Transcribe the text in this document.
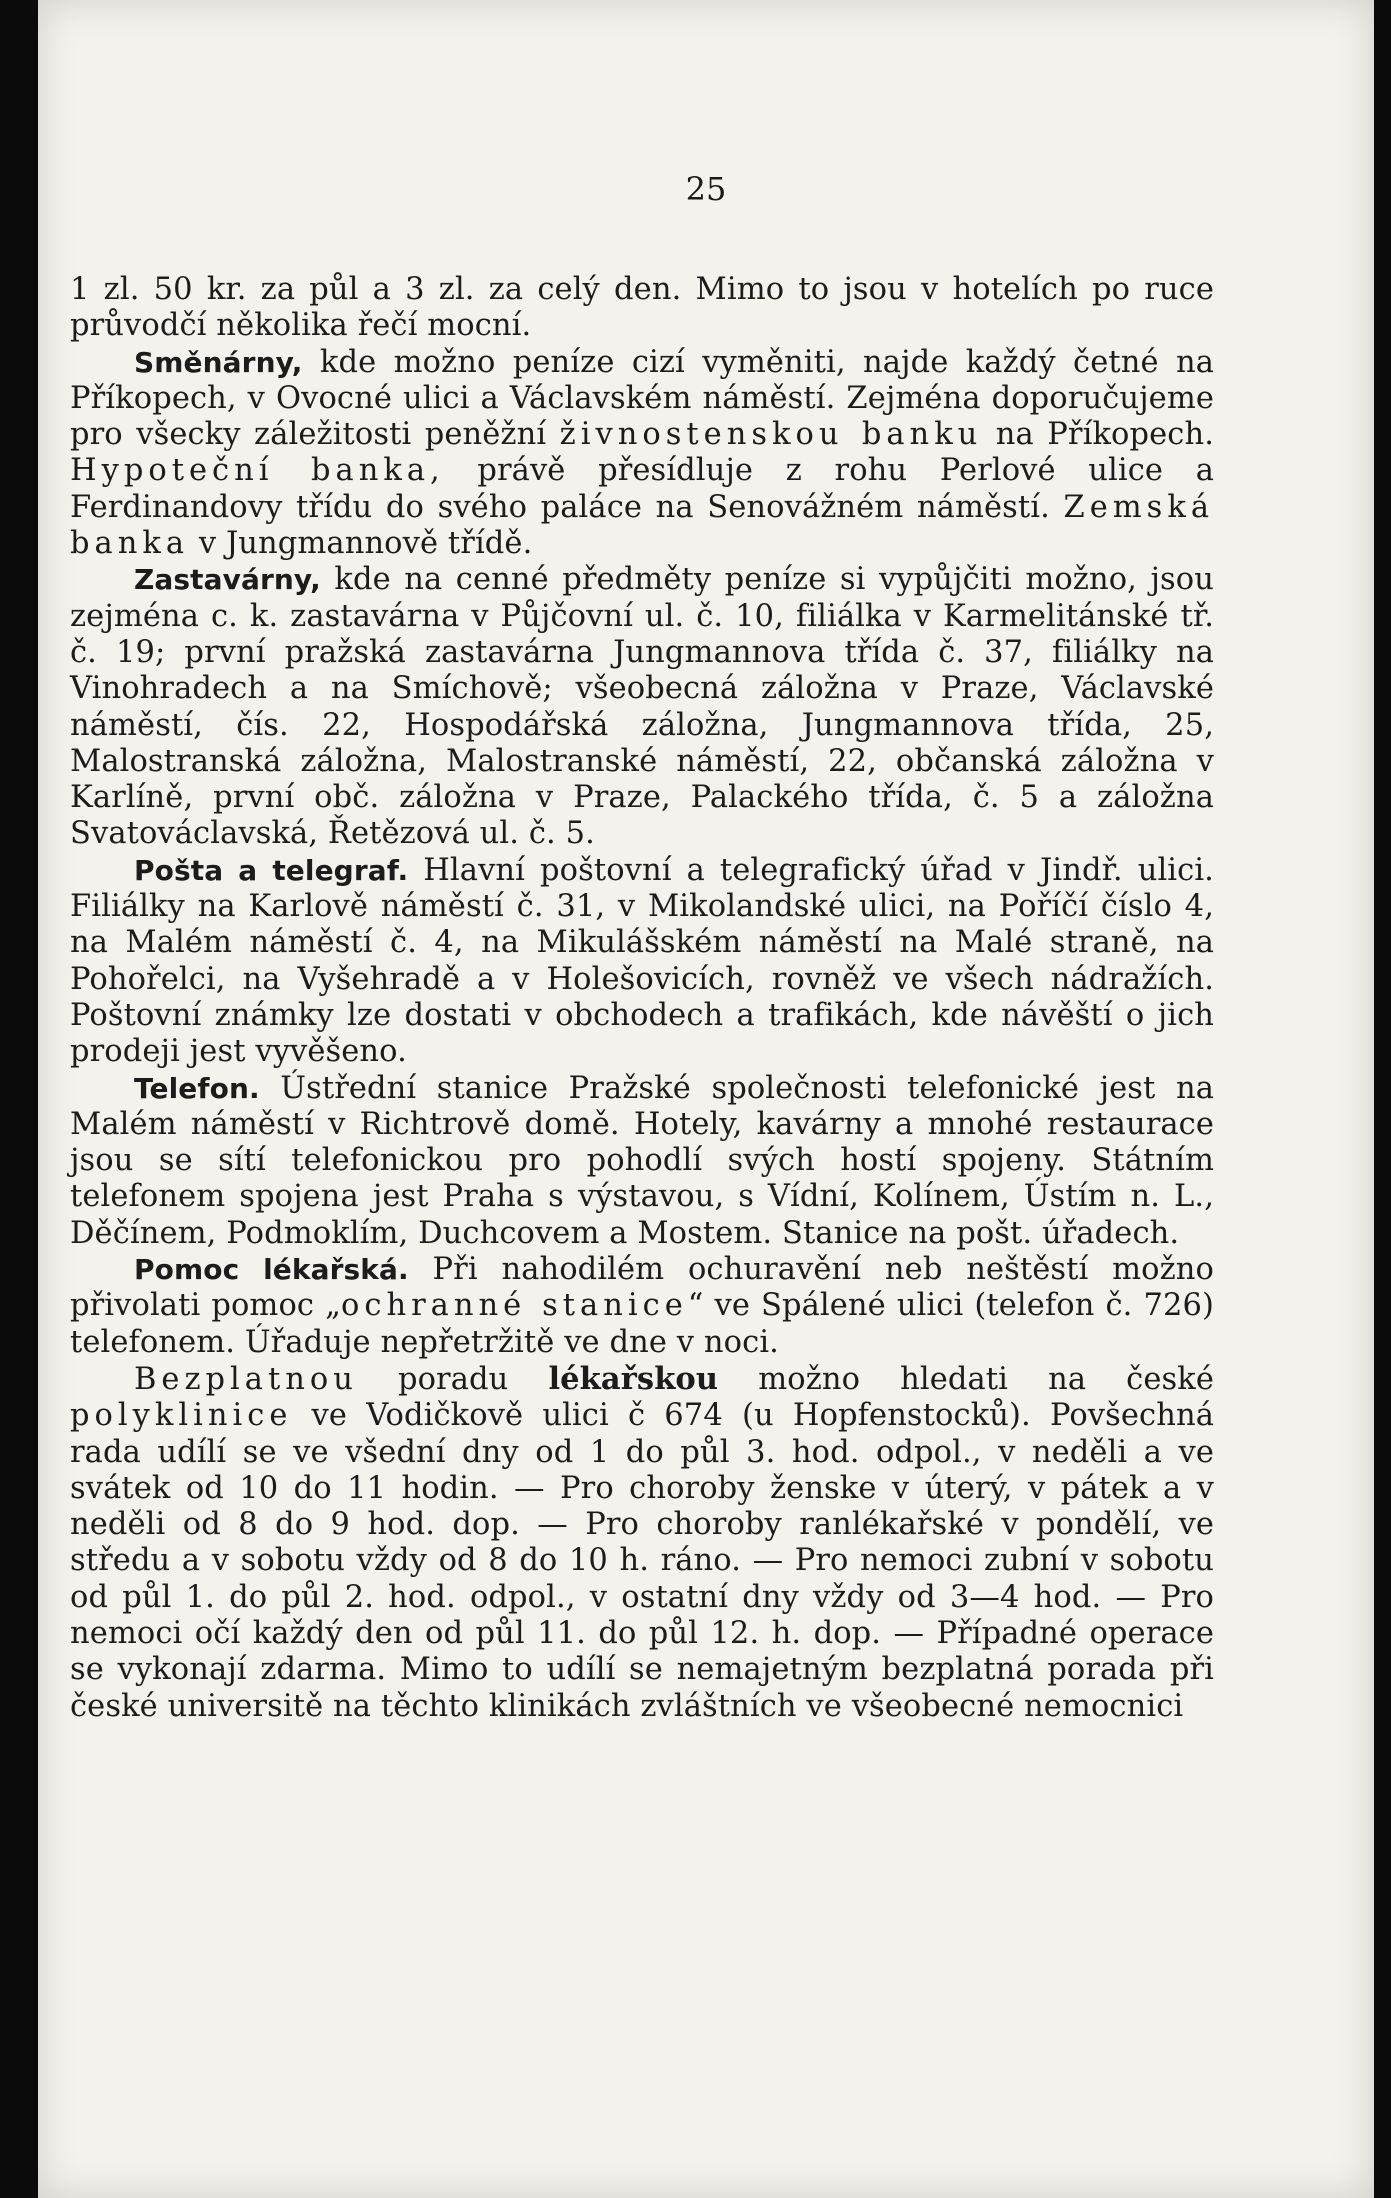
25

1 zl. 50 kr. za půl a 3 zl. za celý den. Mimo to jsou v hotelích po ruce průvodčí několika řečí mocní.

Směnárny, kde možno peníze cizí vyměniti, najde každý četné na Příkopech, v Ovocné ulici a Václavském náměstí. Zejména doporučujeme pro všecky záležitosti peněžní živnostenskou banku na Příkopech. Hypoteční banka, právě přesídluje z rohu Perlové ulice a Ferdinandovy třídu do svého paláce na Senovážném náměstí. Zemská banka v Jungmannově třídě.

Zastavárny, kde na cenné předměty peníze si vypůjčiti možno, jsou zejména c. k. zastavárna v Půjčovní ul. č. 10, filiálka v Karmelitánské tř. č. 19; první pražská zastavárna Jungmannova třída č. 37, filiálky na Vinohradech a na Smíchově; všeobecná záložna v Praze, Václavské náměstí, čís. 22, Hospodářská záložna, Jungmannova třída, 25, Malostranská záložna, Malostranské náměstí, 22, občanská záložna v Karlíně, první obč. záložna v Praze, Palackého třída, č. 5 a záložna Svatováclavská, Řetězová ul. č. 5.

Pošta a telegraf. Hlavní poštovní a telegrafický úřad v Jindř. ulici. Filiálky na Karlově náměstí č. 31, v Mikolandské ulici, na Poříčí číslo 4, na Malém náměstí č. 4, na Mikulášském náměstí na Malé straně, na Pohořelci, na Vyšehradě a v Holešovicích, rovněž ve všech nádražích. Poštovní známky lze dostati v obchodech a trafikách, kde návěští o jich prodeji jest vyvěšeno.

Telefon. Ústřední stanice Pražské společnosti telefonické jest na Malém náměstí v Richtrově domě. Hotely, kavárny a mnohé restaurace jsou se sítí telefonickou pro pohodlí svých hostí spojeny. Státním telefonem spojena jest Praha s výstavou, s Vídní, Kolínem, Ústím n. L., Děčínem, Podmoklím, Duchcovem a Mostem. Stanice na pošt. úřadech.

Pomoc lékařská. Při nahodilém ochuravění neb neštěstí možno přivolati pomoc „ochranné stanice“ ve Spálené ulici (telefon č. 726) telefonem. Úřaduje nepřetržitě ve dne v noci.

Bezplatnou poradu lékařskou možno hledati na české polyklinice ve Vodičkově ulici č 674 (u Hopfenstocků). Povšechná rada udílí se ve všední dny od 1 do půl 3. hod. odpol., v neděli a ve svátek od 10 do 11 hodin. — Pro choroby ženske v úterý, v pátek a v neděli od 8 do 9 hod. dop. — Pro choroby ranlékařské v pondělí, ve středu a v sobotu vždy od 8 do 10 h. ráno. — Pro nemoci zubní v sobotu od půl 1. do půl 2. hod. odpol., v ostatní dny vždy od 3—4 hod. — Pro nemoci očí každý den od půl 11. do půl 12. h. dop. — Případné operace se vykonají zdarma. Mimo to udílí se nemajetným bezplatná porada při české universitě na těchto klinikách zvláštních ve všeobecné nemocnici
